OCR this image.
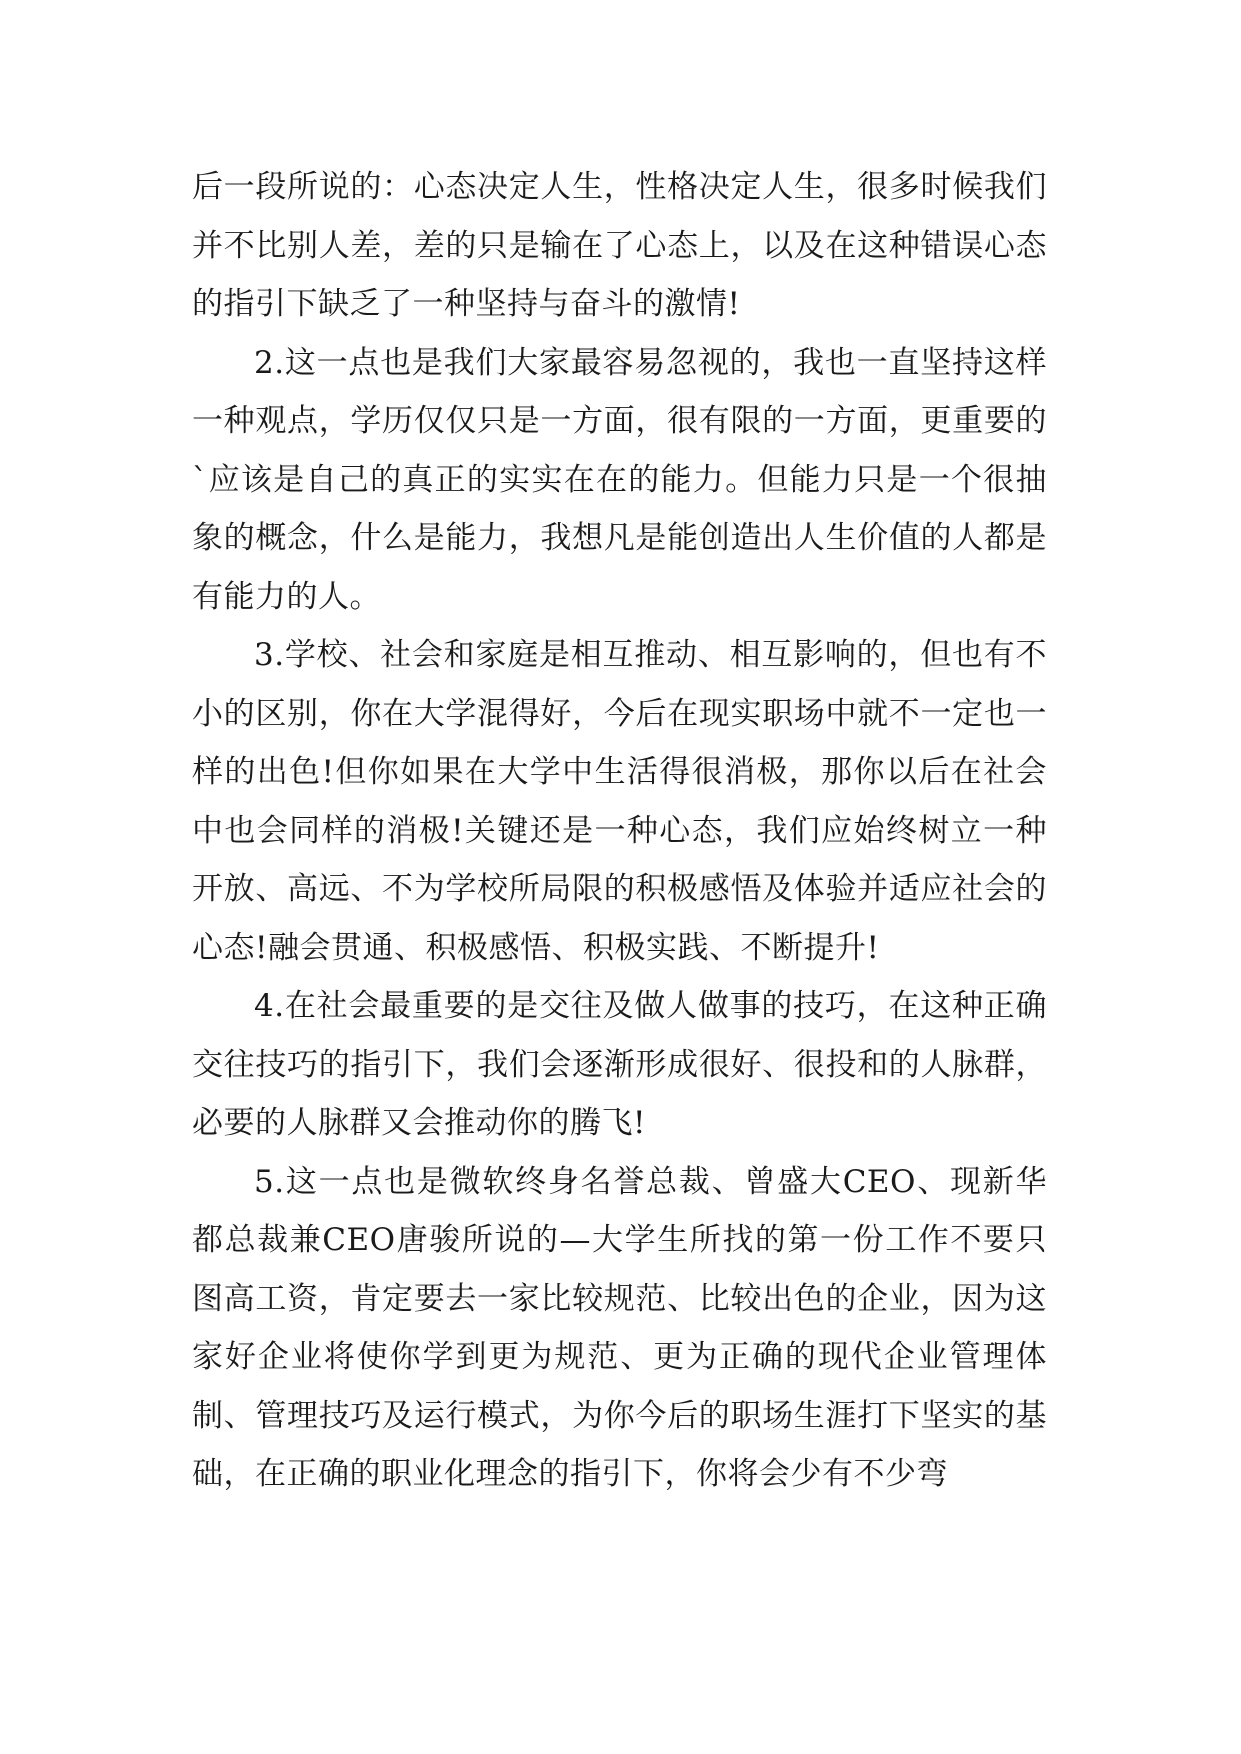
后一段所说的：心态决定人生，性格决定人生，很多时候我们并不比别人差，差的只是输在了心态上，以及在这种错误心态的指引下缺乏了一种坚持与奋斗的激情!

2.这一点也是我们大家最容易忽视的，我也一直坚持这样一种观点，学历仅仅只是一方面，很有限的一方面，更重要的`应该是自己的真正的实实在在的能力。但能力只是一个很抽象的概念，什么是能力，我想凡是能创造出人生价值的人都是有能力的人。

3.学校、社会和家庭是相互推动、相互影响的，但也有不小的区别，你在大学混得好，今后在现实职场中就不一定也一样的出色!但你如果在大学中生活得很消极，那你以后在社会中也会同样的消极!关键还是一种心态，我们应始终树立一种开放、高远、不为学校所局限的积极感悟及体验并适应社会的心态!融会贯通、积极感悟、积极实践、不断提升!

4.在社会最重要的是交往及做人做事的技巧，在这种正确交往技巧的指引下，我们会逐渐形成很好、很投和的人脉群，必要的人脉群又会推动你的腾飞!

5.这一点也是微软终身名誉总裁、曾盛大CEO、现新华都总裁兼CEO唐骏所说的—大学生所找的第一份工作不要只图高工资，肯定要去一家比较规范、比较出色的企业，因为这家好企业将使你学到更为规范、更为正确的现代企业管理体制、管理技巧及运行模式，为你今后的职场生涯打下坚实的基础，在正确的职业化理念的指引下，你将会少有不少弯
